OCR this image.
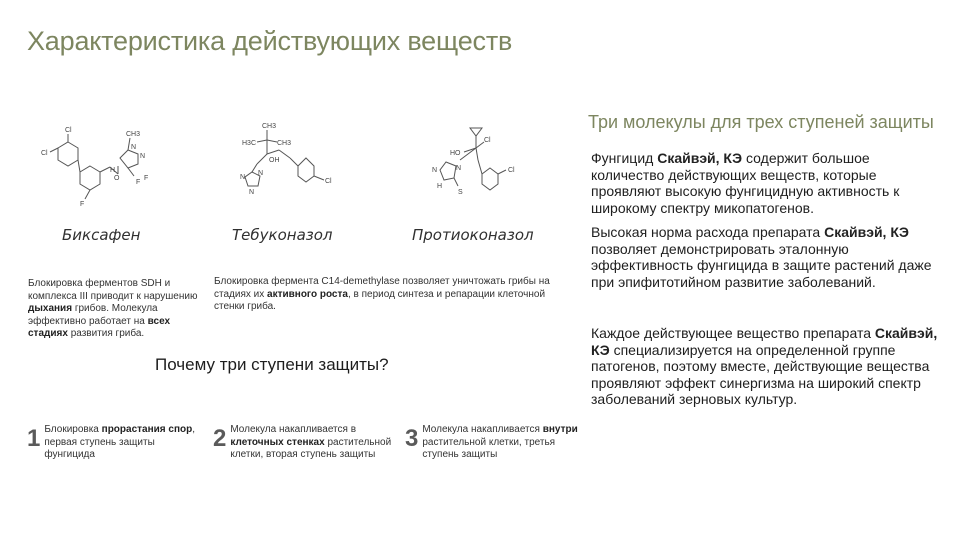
Характеристика действующих веществ
Cl
Cl
CH3
N
N
H
O
F
F
F
Биксафен
CH3
H3C	CH3
OH
N
N
N
Cl
Тебуконазол
HO
Cl
Cl
N
N
H
S
Протиоконазол
Блокировка ферментов SDH и комплекса III приводит к нарушению дыхания грибов. Молекула эффективно работает на всех стадиях развития гриба.
Блокировка фермента С14-demethylase позволяет уничтожать грибы на стадиях их активного роста, в период синтеза и репарации клеточной стенки гриба.
Почему три ступени защиты?
1 Блокировка прорастания спор, первая ступень защиты фунгицида
2 Молекула накапливается в клеточных стенках растительной клетки, вторая ступень защиты
3 Молекула накапливается внутри растительной клетки, третья ступень защиты
Три молекулы для трех ступеней защиты
Фунгицид Скайвэй, КЭ содержит большое количество действующих веществ, которые проявляют высокую фунгицидную активность к широкому спектру микопатогенов.
Высокая норма расхода препарата Скайвэй, КЭ позволяет демонстрировать эталонную эффективность фунгицида в защите растений даже при эпифитотийном развитие заболеваний.
Каждое действующее вещество препарата Скайвэй, КЭ специализируется на определенной группе патогенов, поэтому вместе, действующие вещества проявляют эффект синергизма на широкий спектр заболеваний зерновых культур.
